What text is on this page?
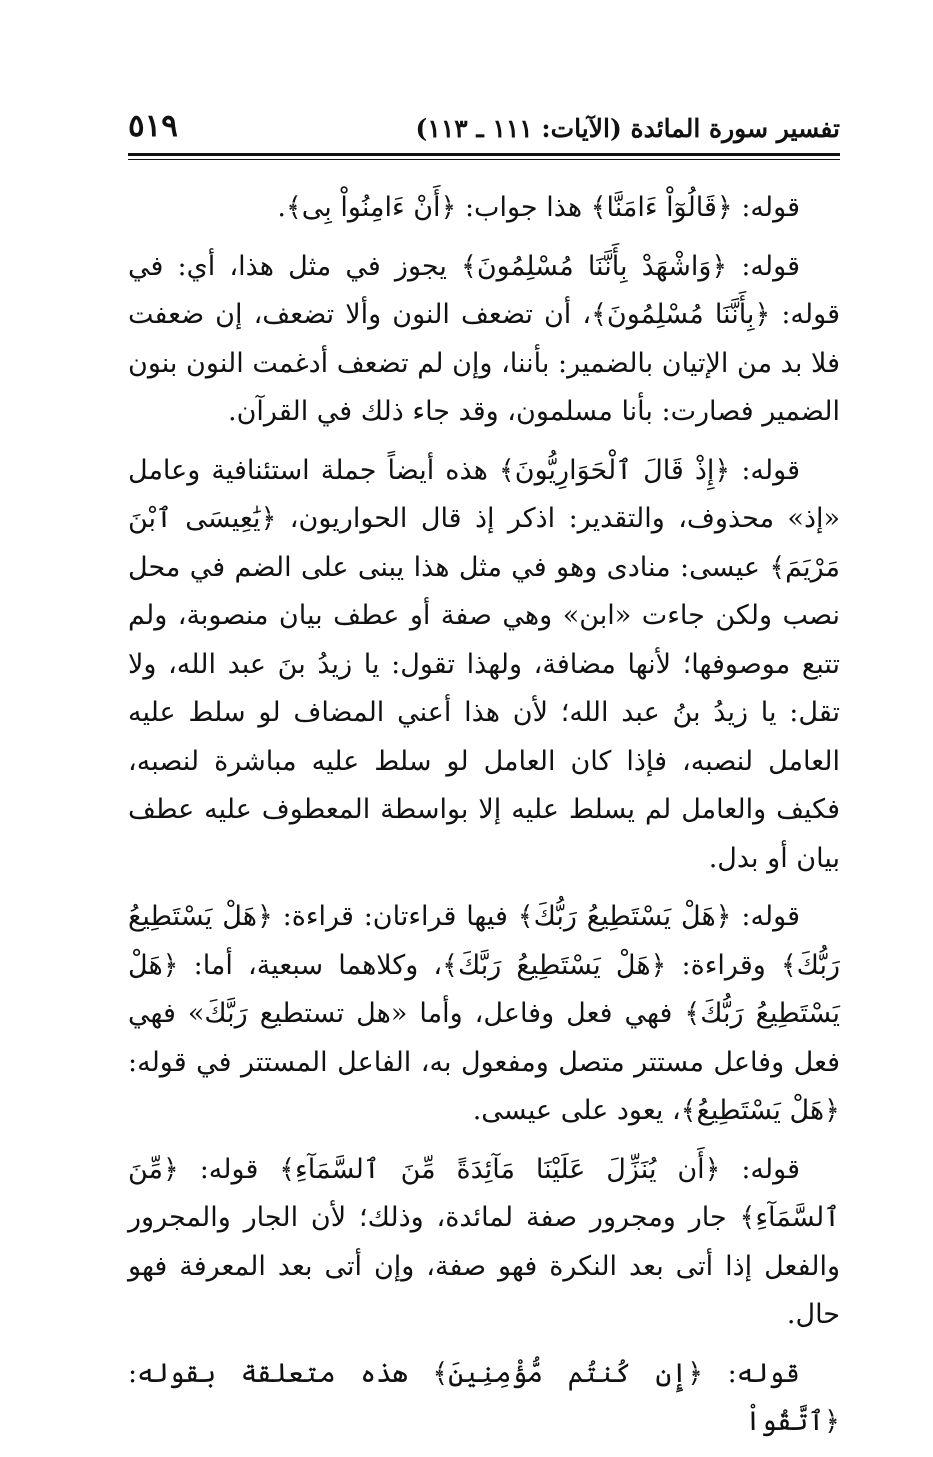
تفسير سورة المائدة (الآيات: ١١١ ـ ١١٣)
٥١٩

قوله: ﴿قَالُوٓاْ ءَامَنَّا﴾ هذا جواب: ﴿أَنْ ءَامِنُواْ بِى﴾.

قوله: ﴿وَاشْهَدْ بِأَنَّنَا مُسْلِمُونَ﴾ يجوز في مثل هذا، أي: في قوله: ﴿بِأَنَّنَا مُسْلِمُونَ﴾، أن تضعف النون وألا تضعف، إن ضعفت فلا بد من الإتيان بالضمير: بأننا، وإن لم تضعف أدغمت النون بنون الضمير فصارت: بأنا مسلمون، وقد جاء ذلك في القرآن.

قوله: ﴿إِذْ قَالَ ٱلْحَوَارِيُّونَ﴾ هذه أيضاً جملة استئنافية وعامل «إذ» محذوف، والتقدير: اذكر إذ قال الحواريون، ﴿يَٰعِيسَى ٱبْنَ مَرْيَمَ﴾ عيسى: منادى وهو في مثل هذا يبنى على الضم في محل نصب ولكن جاءت «ابن» وهي صفة أو عطف بيان منصوبة، ولم تتبع موصوفها؛ لأنها مضافة، ولهذا تقول: يا زيدُ بنَ عبد الله، ولا تقل: يا زيدُ بنُ عبد الله؛ لأن هذا أعني المضاف لو سلط عليه العامل لنصبه، فإذا كان العامل لو سلط عليه مباشرة لنصبه، فكيف والعامل لم يسلط عليه إلا بواسطة المعطوف عليه عطف بيان أو بدل.

قوله: ﴿هَلْ يَسْتَطِيعُ رَبُّكَ﴾ فيها قراءتان: قراءة: ﴿هَلْ يَسْتَطِيعُ رَبُّكَ﴾ وقراءة: ﴿هَلْ يَسْتَطِيعُ رَبَّكَ﴾، وكلاهما سبعية، أما: ﴿هَلْ يَسْتَطِيعُ رَبُّكَ﴾ فهي فعل وفاعل، وأما «هل تستطيع رَبَّكَ» فهي فعل وفاعل مستتر متصل ومفعول به، الفاعل المستتر في قوله: ﴿هَلْ يَسْتَطِيعُ﴾، يعود على عيسى.

قوله: ﴿أَن يُنَزِّلَ عَلَيْنَا مَآئِدَةً مِّنَ ٱلسَّمَآءِ﴾ قوله: ﴿مِّنَ ٱلسَّمَآءِ﴾ جار ومجرور صفة لمائدة، وذلك؛ لأن الجار والمجرور والفعل إذا أتى بعد النكرة فهو صفة، وإن أتى بعد المعرفة فهو حال.

قوله: ﴿إِن كُنتُم مُّؤْمِنِينَ﴾ هذه متعلقة بقوله: ﴿ٱتَّقُواْ
